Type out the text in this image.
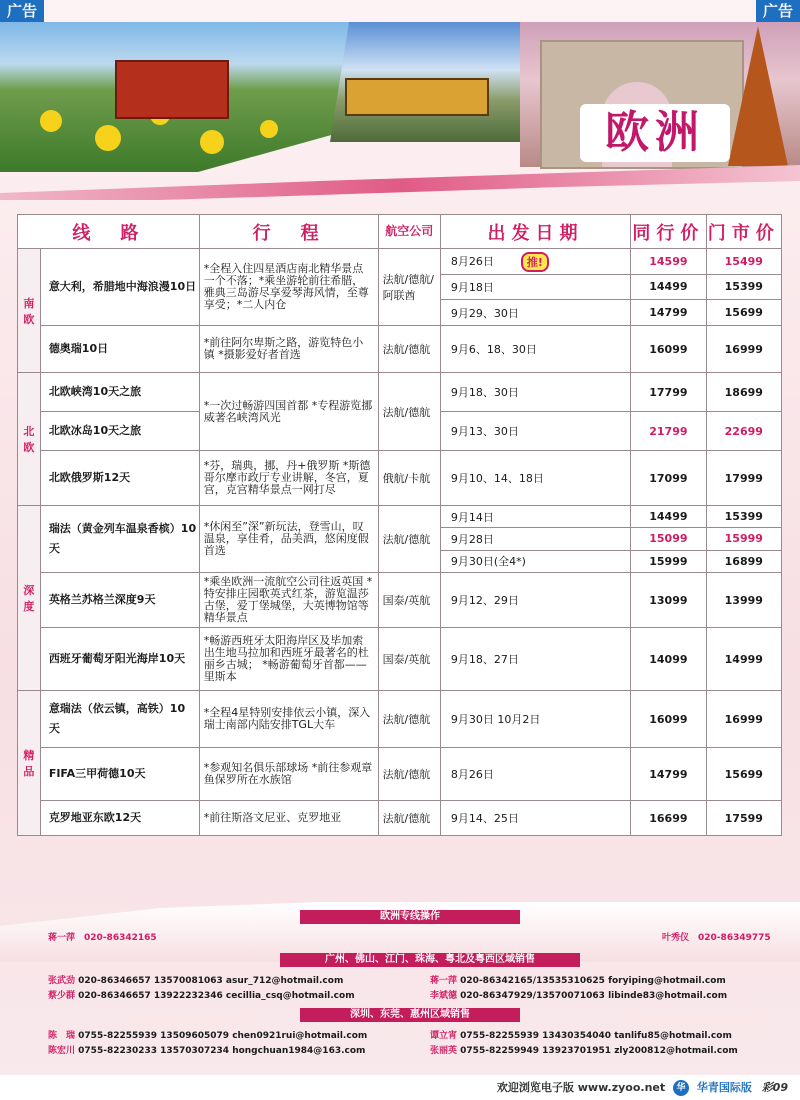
欧洲
广告	广告
线　路		行　程	航空公司	出发日期	同行价	门市价
南欧	意大利，希腊地中海浪漫10日	*全程入住四星酒店南北精华景点一个不落；*乘坐游轮前往希腊，雅典三岛游尽享爱琴海风情，至尊享受；*二人内仓	法航/德航/阿联酋	8月26日 推!	14599	15499
				9月18日	14499	15399
				9月29、30日	14799	15699
	德奥瑞10日	*前往阿尔卑斯之路，游览特色小镇 *摄影爱好者首选	法航/德航	9月6、18、30日	16099	16999
北欧	北欧峡湾10天之旅	*一次过畅游四国首都 *专程游览挪威著名峡湾风光	法航/德航	9月18、30日	17799	18699
	北欧冰岛10天之旅			9月13、30日	21799	22699
	北欧俄罗斯12天	*芬，瑞典，挪，丹+俄罗斯 *斯德哥尔摩市政厅专业讲解，冬宫，夏宫，克宫精华景点一网打尽	俄航/卡航	9月10、14、18日	17099	17999
深度	瑞法（黄金列车温泉香槟）10天	*休闲至”深”新玩法，登雪山，叹温泉，享佳肴，品美酒，悠闲度假首选	法航/德航	9月14日	14499	15399
				9月28日	15099	15999
				9月30日(全4*)	15999	16899
	英格兰苏格兰深度9天	*乘坐欧洲一流航空公司往返英国 *特安排庄园歌英式红茶，游览温莎古堡，爱丁堡城堡，大英博物馆等精华景点	国泰/英航	9月12、29日	13099	13999
	西班牙葡萄牙阳光海岸10天	*畅游西班牙太阳海岸区及毕加索出生地马拉加和西班牙最著名的杜丽乡古城； *畅游葡萄牙首都——里斯本	国泰/英航	9月18、27日	14099	14999
精品	意瑞法（依云镇，高铁）10 天	*全程4星特别安排依云小镇，深入瑞士南部内陆安排TGL大车	法航/德航	9月30日 10月2日	16099	16999
	FIFA三甲荷德10天	*参观知名俱乐部球场 *前往参观章鱼保罗所在水族馆	法航/德航	8月26日	14799	15699
	克罗地亚东欧12天	*前往斯洛文尼亚、克罗地亚	法航/德航	9月14、25日	16699	17599
欧洲专线操作
蒋一萍　 020-86342165	叶秀仪　 020-86349775
广州、佛山、江门、珠海、粤北及粤西区域销售
张武劲 020-86346657 13570081063 asur_712@hotmail.com
蔡少群 020-86346657 13922232346 cecillia_csq@hotmail.com
蒋一萍 020-86342165/13535310625 foryiping@hotmail.com
李斌德 020-86347929/13570071063 libinde83@hotmail.com
深圳、东莞、惠州区域销售
陈　瑞 0755-82255939 13509605079 chen0921rui@hotmail.com
陈宏川 0755-82230233 13570307234 hongchuan1984@163.com
谭立宵 0755-82255939 13430354040 tanlifu85@hotmail.com
张丽英 0755-82259949 13923701951 zly200812@hotmail.com
欢迎浏览电子版 www.zyoo.net 华 华青国际版 彩09
